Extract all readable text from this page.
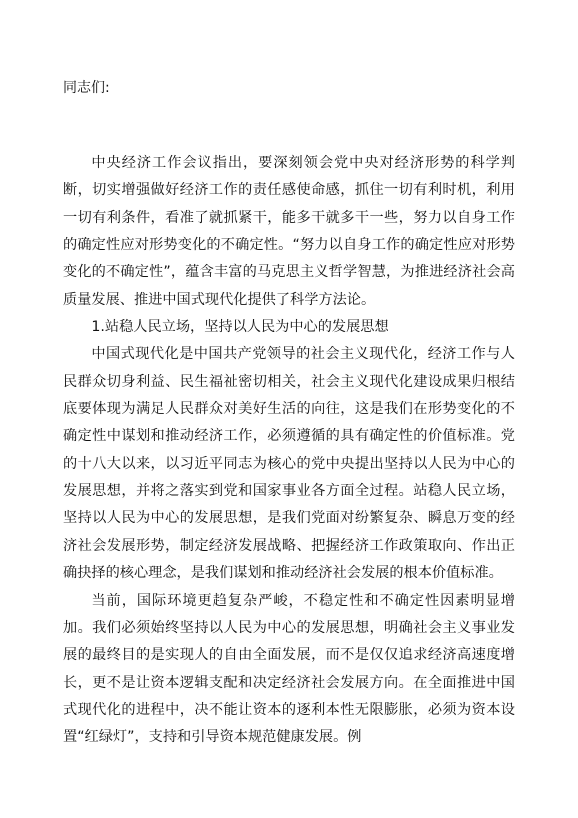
同志们:

中央经济工作会议指出，要深刻领会党中央对经济形势的科学判断，切实增强做好经济工作的责任感使命感，抓住一切有利时机，利用一切有利条件，看准了就抓紧干，能多干就多干一些，努力以自身工作的确定性应对形势变化的不确定性。“努力以自身工作的确定性应对形势变化的不确定性”，蕴含丰富的马克思主义哲学智慧，为推进经济社会高质量发展、推进中国式现代化提供了科学方法论。

1.站稳人民立场，坚持以人民为中心的发展思想

中国式现代化是中国共产党领导的社会主义现代化，经济工作与人民群众切身利益、民生福祉密切相关，社会主义现代化建设成果归根结底要体现为满足人民群众对美好生活的向往，这是我们在形势变化的不确定性中谋划和推动经济工作，必须遵循的具有确定性的价值标准。党的十八大以来，以习近平同志为核心的党中央提出坚持以人民为中心的发展思想，并将之落实到党和国家事业各方面全过程。站稳人民立场，坚持以人民为中心的发展思想，是我们党面对纷繁复杂、瞬息万变的经济社会发展形势，制定经济发展战略、把握经济工作政策取向、作出正确抉择的核心理念，是我们谋划和推动经济社会发展的根本价值标准。

当前，国际环境更趋复杂严峻，不稳定性和不确定性因素明显增加。我们必须始终坚持以人民为中心的发展思想，明确社会主义事业发展的最终目的是实现人的自由全面发展，而不是仅仅追求经济高速度增长，更不是让资本逻辑支配和决定经济社会发展方向。在全面推进中国式现代化的进程中，决不能让资本的逐利本性无限膨胀，必须为资本设置“红绿灯”，支持和引导资本规范健康发展。例
